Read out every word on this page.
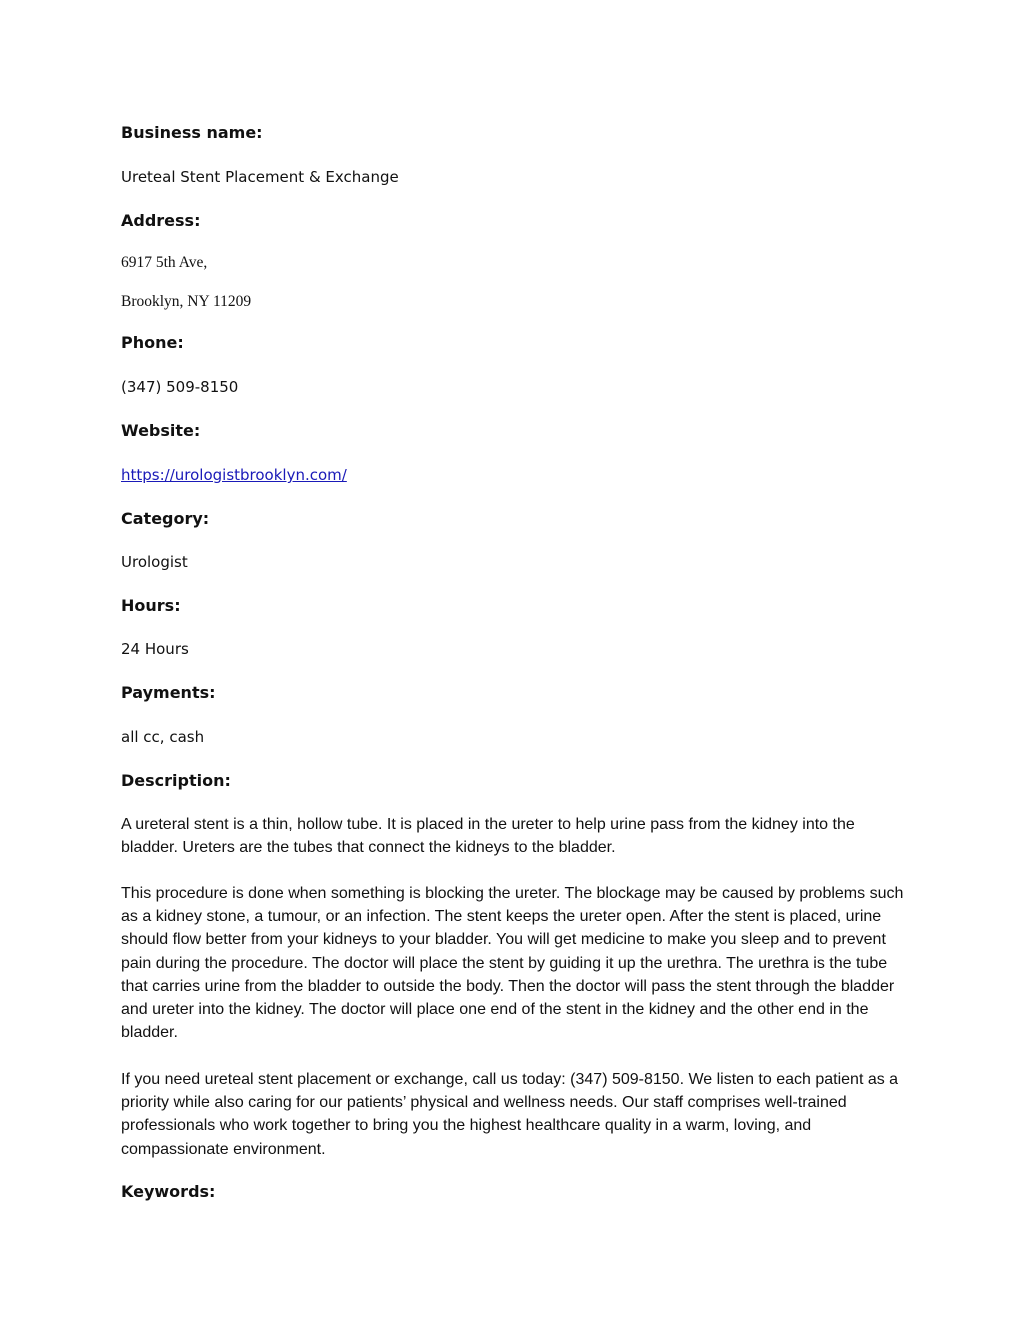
Business name:
Ureteal Stent Placement & Exchange
Address:
6917 5th Ave,
Brooklyn, NY 11209
Phone:
(347) 509-8150
Website:
https://urologistbrooklyn.com/
Category:
Urologist
Hours:
24 Hours
Payments:
all cc, cash
Description:

A ureteral stent is a thin, hollow tube. It is placed in the ureter to help urine pass from the kidney into the bladder. Ureters are the tubes that connect the kidneys to the bladder.

This procedure is done when something is blocking the ureter. The blockage may be caused by problems such as a kidney stone, a tumour, or an infection. The stent keeps the ureter open. After the stent is placed, urine should flow better from your kidneys to your bladder. You will get medicine to make you sleep and to prevent pain during the procedure. The doctor will place the stent by guiding it up the urethra. The urethra is the tube that carries urine from the bladder to outside the body. Then the doctor will pass the stent through the bladder and ureter into the kidney. The doctor will place one end of the stent in the kidney and the other end in the bladder.

If you need ureteal stent placement or exchange, call us today: (347) 509-8150. We listen to each patient as a priority while also caring for our patients’ physical and wellness needs. Our staff comprises well-trained professionals who work together to bring you the highest healthcare quality in a warm, loving, and compassionate environment.

Keywords:
